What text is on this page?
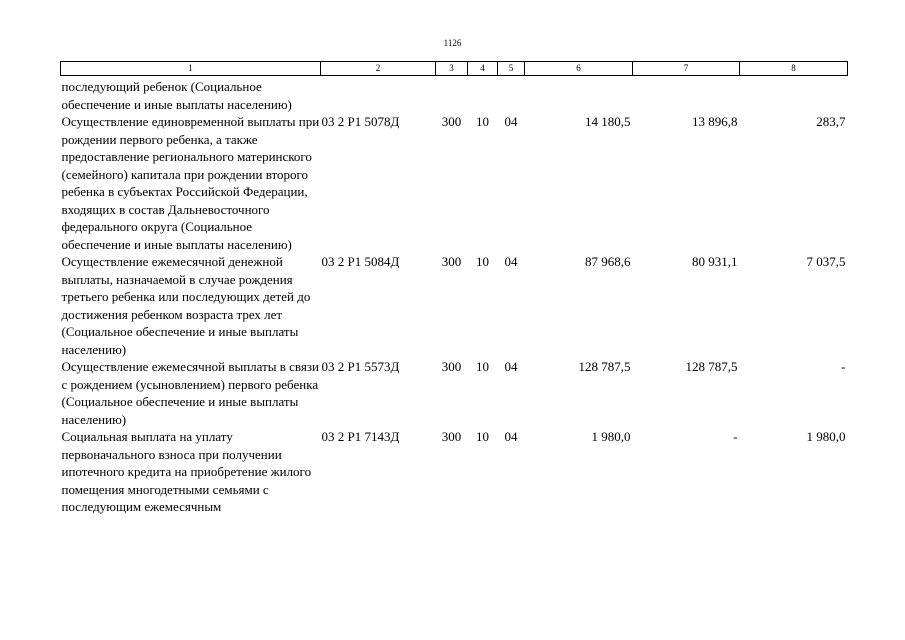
1126
1	2	3	4	5	6	7	8
последующий ребенок (Социальное обеспечение и иные выплаты населению)							
Осуществление единовременной выплаты при рождении первого ребенка, а также предоставление регионального материнского (семейного) капитала при рождении второго ребенка в субъектах Российской Федерации, входящих в состав Дальневосточного федерального округа (Социальное обеспечение и иные выплаты населению)	03 2 Р1 5078Д	300	10	04	14 180,5	13 896,8	283,7
Осуществление ежемесячной денежной выплаты, назначаемой в случае рождения третьего ребенка или последующих детей до достижения ребенком возраста трех лет (Социальное обеспечение и иные выплаты населению)	03 2 Р1 5084Д	300	10	04	87 968,6	80 931,1	7 037,5
Осуществление ежемесячной выплаты в связи с рождением (усыновлением) первого ребенка (Социальное обеспечение и иные выплаты населению)	03 2 Р1 5573Д	300	10	04	128 787,5	128 787,5	-
Социальная выплата на уплату первоначального взноса при получении ипотечного кредита на приобретение жилого помещения многодетными семьями с последующим ежемесячным	03 2 Р1 7143Д	300	10	04	1 980,0	-	1 980,0
